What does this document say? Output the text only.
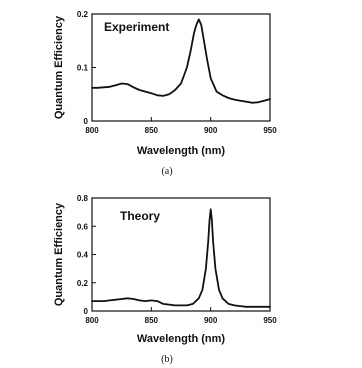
800	850	900	950
0
0.1
0.2
Experiment
Wavelength (nm)
Quantum Efficiency
(a)
800	850	900	950
0
0.2
0.4
0.6
0.8
Theory
Wavelength (nm)
Quantum Efficiency
(b)
